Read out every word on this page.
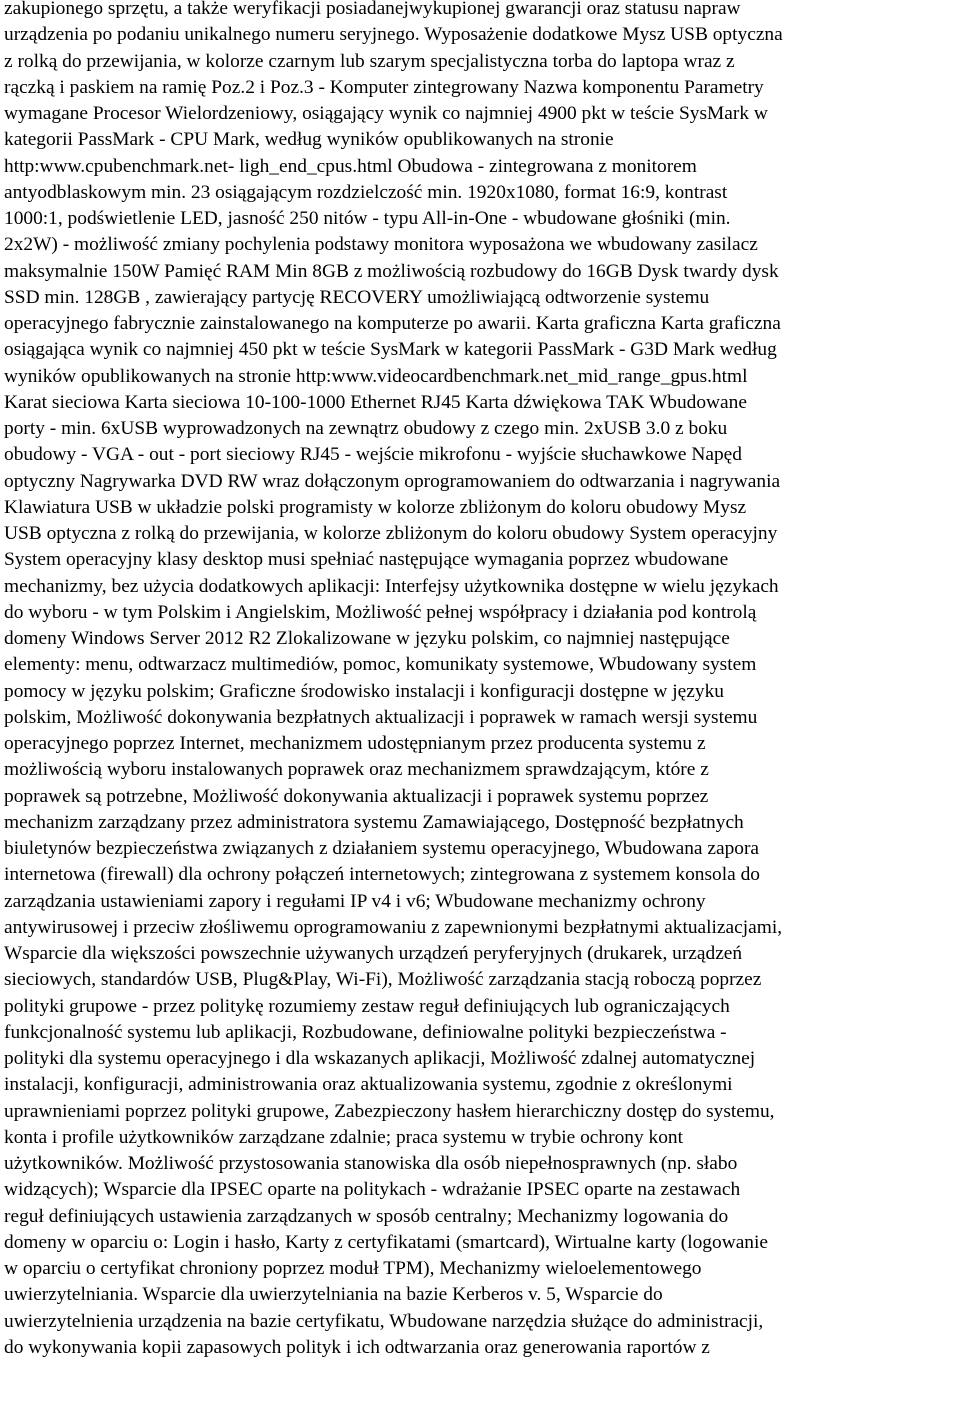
zakupionego sprzętu, a także weryfikacji posiadanejwykupionej gwarancji oraz statusu napraw
urządzenia po podaniu unikalnego numeru seryjnego. Wyposażenie dodatkowe Mysz USB optyczna
z rolką do przewijania, w kolorze czarnym lub szarym specjalistyczna torba do laptopa wraz z
rączką i paskiem na ramię Poz.2 i Poz.3 - Komputer zintegrowany Nazwa komponentu Parametry
wymagane Procesor Wielordzeniowy, osiągający wynik co najmniej 4900 pkt w teście SysMark w
kategorii PassMark - CPU Mark, według wyników opublikowanych na stronie
http:www.cpubenchmark.net- ligh_end_cpus.html Obudowa - zintegrowana z monitorem
antyodblaskowym min. 23 osiągającym rozdzielczość min. 1920x1080, format 16:9, kontrast
1000:1, podświetlenie LED, jasność 250 nitów - typu All-in-One - wbudowane głośniki (min.
2x2W) - możliwość zmiany pochylenia podstawy monitora wyposażona we wbudowany zasilacz
maksymalnie 150W Pamięć RAM Min 8GB z możliwością rozbudowy do 16GB Dysk twardy dysk
SSD min. 128GB , zawierający partycję RECOVERY umożliwiającą odtworzenie systemu
operacyjnego fabrycznie zainstalowanego na komputerze po awarii. Karta graficzna Karta graficzna
osiągająca wynik co najmniej 450 pkt w teście SysMark w kategorii PassMark - G3D Mark według
wyników opublikowanych na stronie http:www.videocardbenchmark.net_mid_range_gpus.html
Karat sieciowa Karta sieciowa 10-100-1000 Ethernet RJ45 Karta dźwiękowa TAK Wbudowane
porty - min. 6xUSB wyprowadzonych na zewnątrz obudowy z czego min. 2xUSB 3.0 z boku
obudowy - VGA - out - port sieciowy RJ45 - wejście mikrofonu - wyjście słuchawkowe Napęd
optyczny Nagrywarka DVD RW wraz dołączonym oprogramowaniem do odtwarzania i nagrywania
Klawiatura USB w układzie polski programisty w kolorze zbliżonym do koloru obudowy Mysz
USB optyczna z rolką do przewijania, w kolorze zbliżonym do koloru obudowy System operacyjny
System operacyjny klasy desktop musi spełniać następujące wymagania poprzez wbudowane
mechanizmy, bez użycia dodatkowych aplikacji: Interfejsy użytkownika dostępne w wielu językach
do wyboru - w tym Polskim i Angielskim, Możliwość pełnej współpracy i działania pod kontrolą
domeny Windows Server 2012 R2 Zlokalizowane w języku polskim, co najmniej następujące
elementy: menu, odtwarzacz multimediów, pomoc, komunikaty systemowe, Wbudowany system
pomocy w języku polskim; Graficzne środowisko instalacji i konfiguracji dostępne w języku
polskim, Możliwość dokonywania bezpłatnych aktualizacji i poprawek w ramach wersji systemu
operacyjnego poprzez Internet, mechanizmem udostępnianym przez producenta systemu z
możliwością wyboru instalowanych poprawek oraz mechanizmem sprawdzającym, które z
poprawek są potrzebne, Możliwość dokonywania aktualizacji i poprawek systemu poprzez
mechanizm zarządzany przez administratora systemu Zamawiającego, Dostępność bezpłatnych
biuletynów bezpieczeństwa związanych z działaniem systemu operacyjnego, Wbudowana zapora
internetowa (firewall) dla ochrony połączeń internetowych; zintegrowana z systemem konsola do
zarządzania ustawieniami zapory i regułami IP v4 i v6; Wbudowane mechanizmy ochrony
antywirusowej i przeciw złośliwemu oprogramowaniu z zapewnionymi bezpłatnymi aktualizacjami,
Wsparcie dla większości powszechnie używanych urządzeń peryferyjnych (drukarek, urządzeń
sieciowych, standardów USB, Plug&Play, Wi-Fi), Możliwość zarządzania stacją roboczą poprzez
polityki grupowe - przez politykę rozumiemy zestaw reguł definiujących lub ograniczających
funkcjonalność systemu lub aplikacji, Rozbudowane, definiowalne polityki bezpieczeństwa -
polityki dla systemu operacyjnego i dla wskazanych aplikacji, Możliwość zdalnej automatycznej
instalacji, konfiguracji, administrowania oraz aktualizowania systemu, zgodnie z określonymi
uprawnieniami poprzez polityki grupowe, Zabezpieczony hasłem hierarchiczny dostęp do systemu,
konta i profile użytkowników zarządzane zdalnie; praca systemu w trybie ochrony kont
użytkowników. Możliwość przystosowania stanowiska dla osób niepełnosprawnych (np. słabo
widzących); Wsparcie dla IPSEC oparte na politykach - wdrażanie IPSEC oparte na zestawach
reguł definiujących ustawienia zarządzanych w sposób centralny; Mechanizmy logowania do
domeny w oparciu o: Login i hasło, Karty z certyfikatami (smartcard), Wirtualne karty (logowanie
w oparciu o certyfikat chroniony poprzez moduł TPM), Mechanizmy wieloelementowego
uwierzytelniania. Wsparcie dla uwierzytelniania na bazie Kerberos v. 5, Wsparcie do
uwierzytelnienia urządzenia na bazie certyfikatu, Wbudowane narzędzia służące do administracji,
do wykonywania kopii zapasowych polityk i ich odtwarzania oraz generowania raportów z
